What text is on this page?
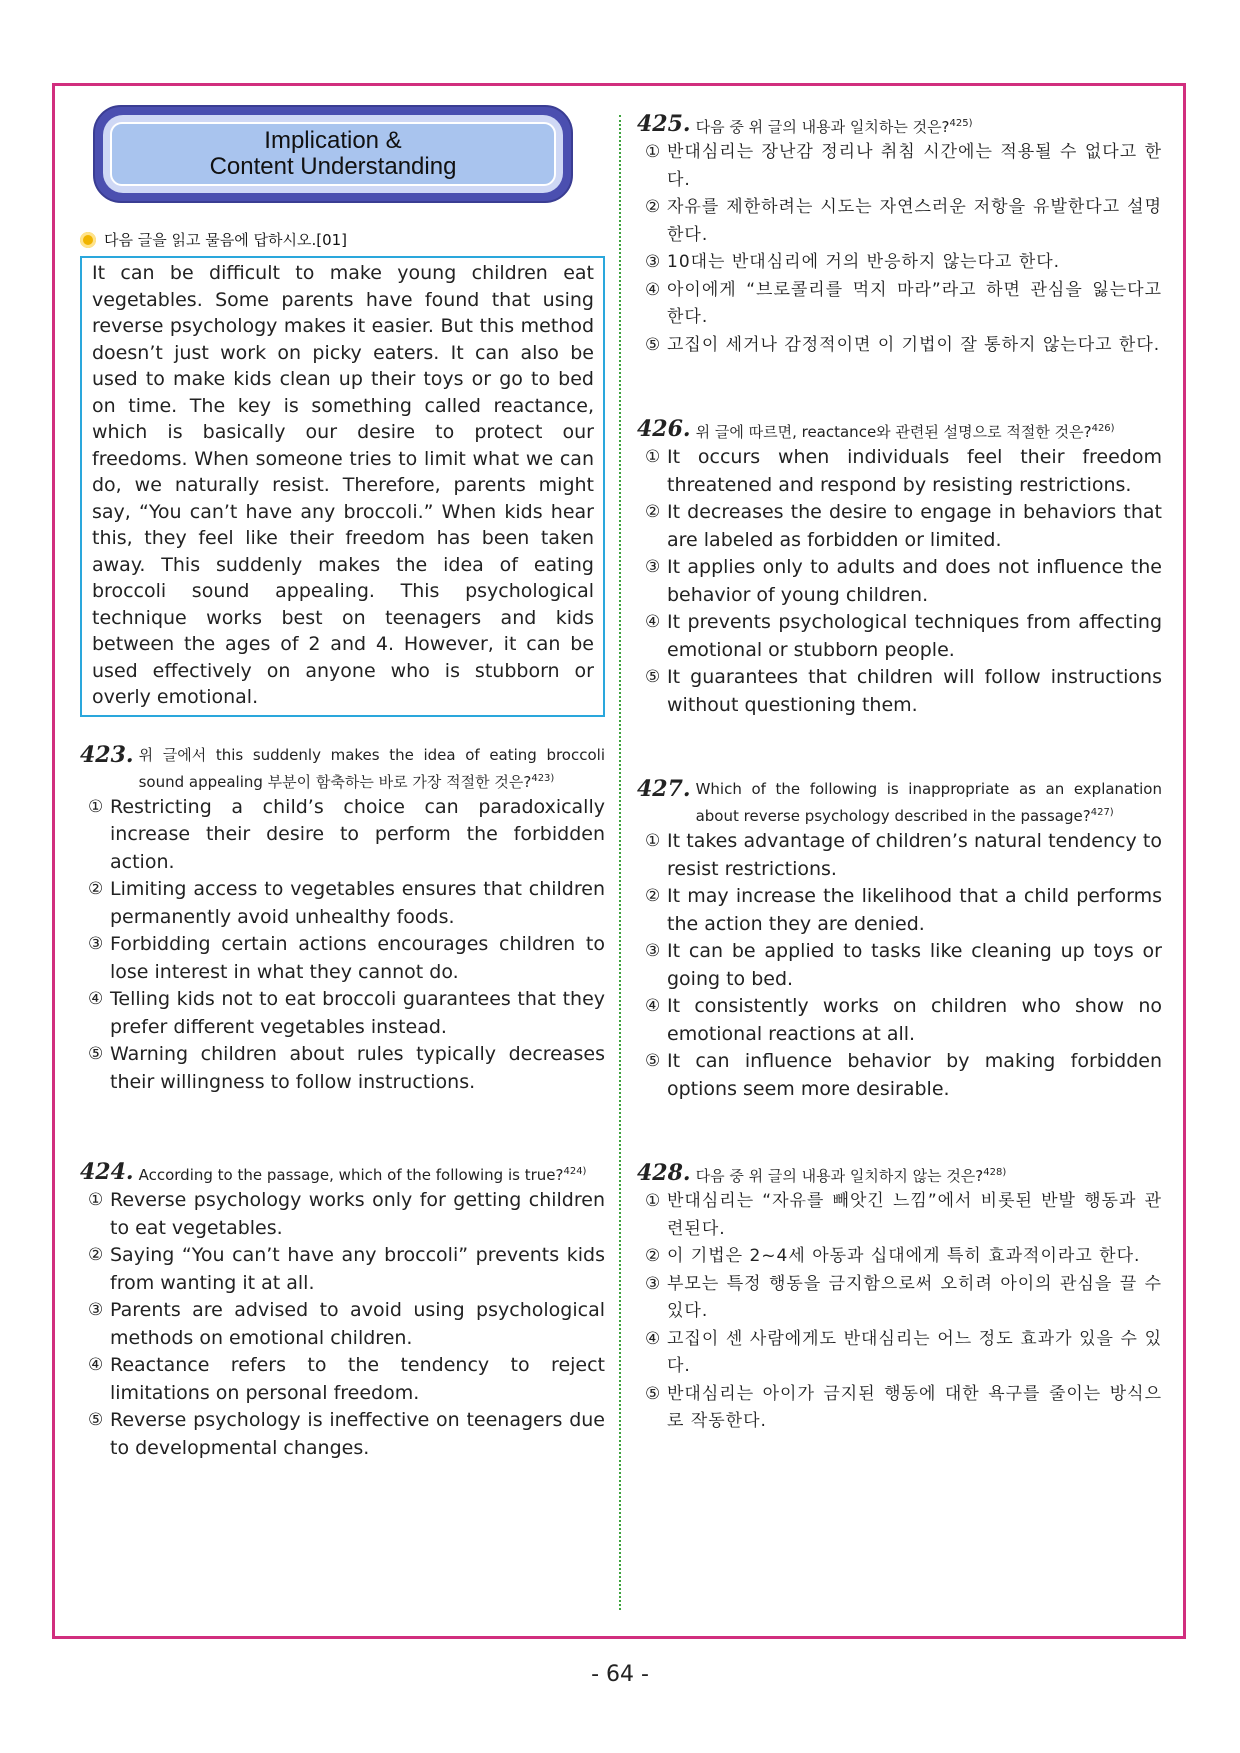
Implication &
Content Understanding
다음 글을 읽고 물음에 답하시오.[01]
It can be difficult to make young children eat vegetables. Some parents have found that using reverse psychology makes it easier. But this method doesn’t just work on picky eaters. It can also be used to make kids clean up their toys or go to bed on time. The key is something called reactance, which is basically our desire to protect our freedoms. When someone tries to limit what we can do, we naturally resist. Therefore, parents might say, “You can’t have any broccoli.” When kids hear this, they feel like their freedom has been taken away. This suddenly makes the idea of eating broccoli sound appealing. This psychological technique works best on teenagers and kids between the ages of 2 and 4. However, it can be used effectively on anyone who is stubborn or overly emotional.
423. 위 글에서 this suddenly makes the idea of eating broccoli sound appealing 부분이 함축하는 바로 가장 적절한 것은?$^{423)}$
① Restricting a child’s choice can paradoxically increase their desire to perform the forbidden action.
② Limiting access to vegetables ensures that children permanently avoid unhealthy foods.
③ Forbidding certain actions encourages children to lose interest in what they cannot do.
④ Telling kids not to eat broccoli guarantees that they prefer different vegetables instead.
⑤ Warning children about rules typically decreases their willingness to follow instructions.
424. According to the passage, which of the following is true?$^{424)}$
① Reverse psychology works only for getting children to eat vegetables.
② Saying “You can’t have any broccoli” prevents kids from wanting it at all.
③ Parents are advised to avoid using psychological methods on emotional children.
④ Reactance refers to the tendency to reject limitations on personal freedom.
⑤ Reverse psychology is ineffective on teenagers due to developmental changes.
425. 다음 중 위 글의 내용과 일치하는 것은?$^{425)}$
① 반대심리는 장난감 정리나 취침 시간에는 적용될 수 없다고 한다.
② 자유를 제한하려는 시도는 자연스러운 저항을 유발한다고 설명한다.
③ 10대는 반대심리에 거의 반응하지 않는다고 한다.
④ 아이에게 “브로콜리를 먹지 마라”라고 하면 관심을 잃는다고 한다.
⑤ 고집이 세거나 감정적이면 이 기법이 잘 통하지 않는다고 한다.
426. 위 글에 따르면, reactance와 관련된 설명으로 적절한 것은?$^{426)}$
① It occurs when individuals feel their freedom threatened and respond by resisting restrictions.
② It decreases the desire to engage in behaviors that are labeled as forbidden or limited.
③ It applies only to adults and does not influence the behavior of young children.
④ It prevents psychological techniques from affecting emotional or stubborn people.
⑤ It guarantees that children will follow instructions without questioning them.
427. Which of the following is inappropriate as an explanation about reverse psychology described in the passage?$^{427)}$
① It takes advantage of children’s natural tendency to resist restrictions.
② It may increase the likelihood that a child performs the action they are denied.
③ It can be applied to tasks like cleaning up toys or going to bed.
④ It consistently works on children who show no emotional reactions at all.
⑤ It can influence behavior by making forbidden options seem more desirable.
428. 다음 중 위 글의 내용과 일치하지 않는 것은?$^{428)}$
① 반대심리는 “자유를 빼앗긴 느낌”에서 비롯된 반발 행동과 관련된다.
② 이 기법은 2~4세 아동과 십대에게 특히 효과적이라고 한다.
③ 부모는 특정 행동을 금지함으로써 오히려 아이의 관심을 끌 수 있다.
④ 고집이 센 사람에게도 반대심리는 어느 정도 효과가 있을 수 있다.
⑤ 반대심리는 아이가 금지된 행동에 대한 욕구를 줄이는 방식으로 작동한다.
- 64 -
